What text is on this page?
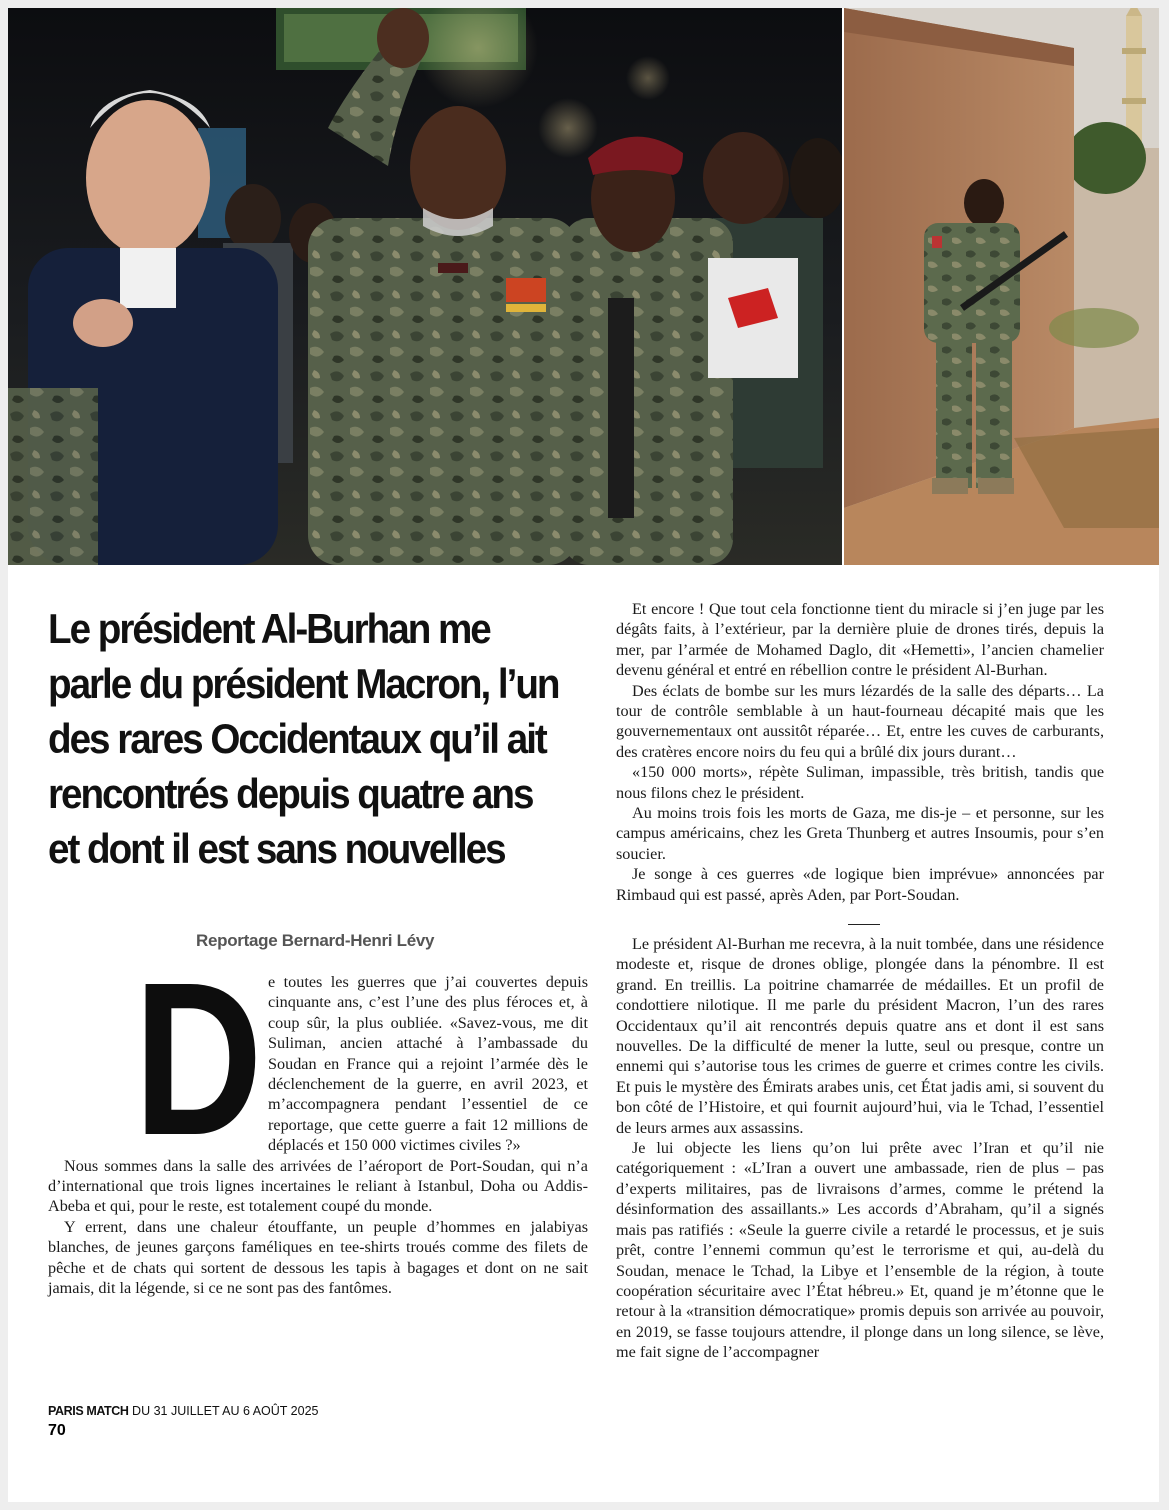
Le président Al-Burhan me parle du président Macron, l’un des rares Occidentaux qu’il ait rencontrés depuis quatre ans et dont il est sans nouvelles

Reportage Bernard-Henri Lévy

D e toutes les guerres que j’ai couvertes depuis cinquante ans, c’est l’une des plus féroces et, à coup sûr, la plus oubliée. «Savez-vous, me dit Suliman, ancien attaché à l’ambassade du Soudan en France qui a rejoint l’armée dès le déclenchement de la guerre, en avril 2023, et m’accompagnera pendant l’essentiel de ce reportage, que cette guerre a fait 12 millions de déplacés et 150 000 victimes civiles ?»

Nous sommes dans la salle des arrivées de l’aéroport de Port-Soudan, qui n’a d’international que trois lignes incertaines le reliant à Istanbul, Doha ou Addis-Abeba et qui, pour le reste, est totalement coupé du monde.

Y errent, dans une chaleur étouffante, un peuple d’hommes en jalabiyas blanches, de jeunes garçons faméliques en tee-shirts troués comme des filets de pêche et de chats qui sortent de dessous les tapis à bagages et dont on ne sait jamais, dit la légende, si ce ne sont pas des fantômes.

Et encore ! Que tout cela fonctionne tient du miracle si j’en juge par les dégâts faits, à l’extérieur, par la dernière pluie de drones tirés, depuis la mer, par l’armée de Mohamed Daglo, dit «Hemetti», l’ancien chamelier devenu général et entré en rébellion contre le président Al-Burhan.

Des éclats de bombe sur les murs lézardés de la salle des départs… La tour de contrôle semblable à un haut-fourneau décapité mais que les gouvernementaux ont aussitôt réparée… Et, entre les cuves de carburants, des cratères encore noirs du feu qui a brûlé dix jours durant…

«150 000 morts», répète Suliman, impassible, très british, tandis que nous filons chez le président.

Au moins trois fois les morts de Gaza, me dis-je – et personne, sur les campus américains, chez les Greta Thunberg et autres Insoumis, pour s’en soucier.

Je songe à ces guerres «de logique bien imprévue» annoncées par Rimbaud qui est passé, après Aden, par Port-Soudan.

Le président Al-Burhan me recevra, à la nuit tombée, dans une résidence modeste et, risque de drones oblige, plongée dans la pénombre. Il est grand. En treillis. La poitrine chamarrée de médailles. Et un profil de condottiere nilotique. Il me parle du président Macron, l’un des rares Occidentaux qu’il ait rencontrés depuis quatre ans et dont il est sans nouvelles. De la difficulté de mener la lutte, seul ou presque, contre un ennemi qui s’autorise tous les crimes de guerre et crimes contre les civils. Et puis le mystère des Émirats arabes unis, cet État jadis ami, si souvent du bon côté de l’Histoire, et qui fournit aujourd’hui, via le Tchad, l’essentiel de leurs armes aux assassins.

Je lui objecte les liens qu’on lui prête avec l’Iran et qu’il nie catégoriquement : «L’Iran a ouvert une ambassade, rien de plus – pas d’experts militaires, pas de livraisons d’armes, comme le prétend la désinformation des assaillants.» Les accords d’Abraham, qu’il a signés mais pas ratifiés : «Seule la guerre civile a retardé le processus, et je suis prêt, contre l’ennemi commun qu’est le terrorisme et qui, au-delà du Soudan, menace le Tchad, la Libye et l’ensemble de la région, à toute coopération sécuritaire avec l’État hébreu.» Et, quand je m’étonne que le retour à la «transition démocratique» promis depuis son arrivée au pouvoir, en 2019, se fasse toujours attendre, il plonge dans un long silence, se lève, me fait signe de l’accompagner

PARIS MATCH DU 31 JUILLET AU 6 AOÛT 2025
70
